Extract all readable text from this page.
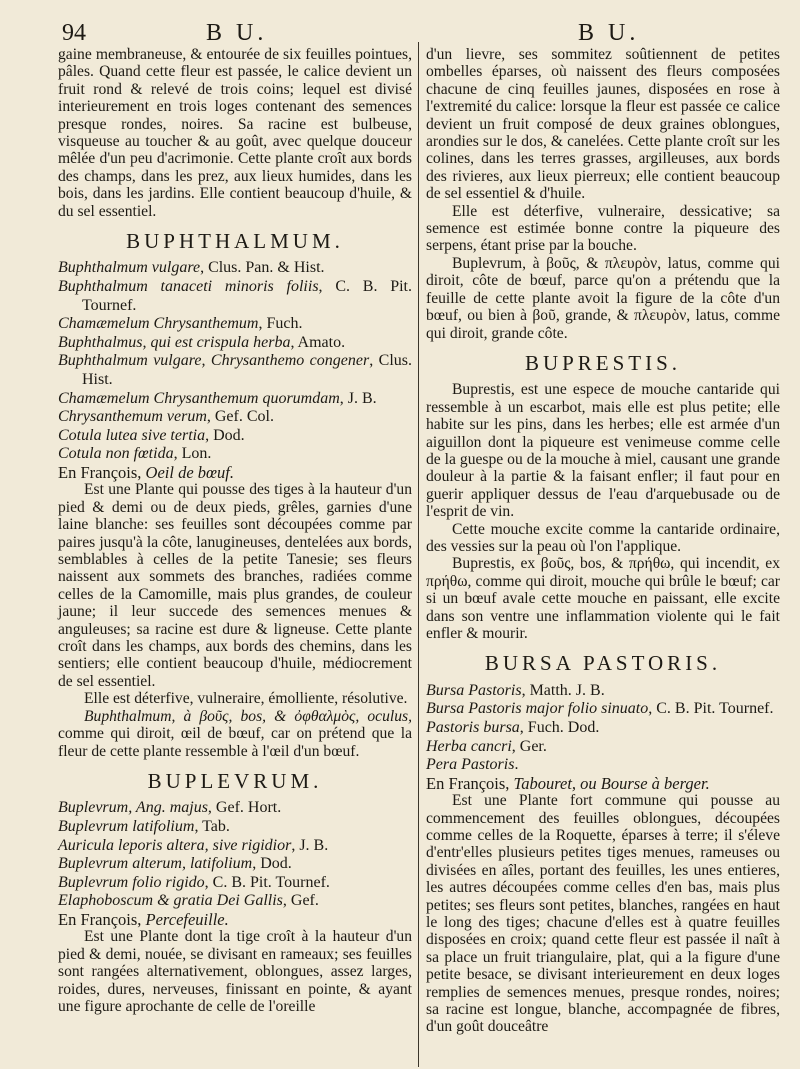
94	B U.	B U.

gaine membraneuse, & entourée de six feuilles pointues, pâles. Quand cette fleur est passée, le calice devient un fruit rond & relevé de trois coins; lequel est divisé interieurement en trois loges contenant des semences presque rondes, noires. Sa racine est bulbeuse, visqueuse au toucher & au goût, avec quelque douceur mêlée d'un peu d'acrimonie. Cette plante croît aux bords des champs, dans les prez, aux lieux humides, dans les bois, dans les jardins. Elle contient beaucoup d'huile, & du sel essentiel.

BUPHTHALMUM.

Buphthalmum vulgare, Clus. Pan. & Hist.

Buphthalmum tanaceti minoris foliis, C. B. Pit. Tournef.

Chamæmelum Chrysanthemum, Fuch.

Buphthalmus, qui est crispula herba, Amato.

Buphthalmum vulgare, Chrysanthemo congener, Clus. Hist.

Chamæmelum Chrysanthemum quorumdam, J. B.

Chrysanthemum verum, Gef. Col.

Cotula lutea sive tertia, Dod.

Cotula non fœtida, Lon.

En François, Oeil de bœuf.

Est une Plante qui pousse des tiges à la hauteur d'un pied & demi ou de deux pieds, grêles, garnies d'une laine blanche: ses feuilles sont découpées comme par paires jusqu'à la côte, lanugineuses, dentelées aux bords, semblables à celles de la petite Tanesie; ses fleurs naissent aux sommets des branches, radiées comme celles de la Camomille, mais plus grandes, de couleur jaune; il leur succede des semences menues & anguleuses; sa racine est dure & ligneuse. Cette plante croît dans les champs, aux bords des chemins, dans les sentiers; elle contient beaucoup d'huile, médiocrement de sel essentiel.

Elle est déterfive, vulneraire, émolliente, résolutive.

Buphthalmum, à βοῦς, bos, & ὀφθαλμὸς, oculus, comme qui diroit, œil de bœuf, car on prétend que la fleur de cette plante ressemble à l'œil d'un bœuf.

BUPLEVRUM.

Buplevrum, Ang. majus, Gef. Hort.

Buplevrum latifolium, Tab.

Auricula leporis altera, sive rigidior, J. B.

Buplevrum alterum, latifolium, Dod.

Buplevrum folio rigido, C. B. Pit. Tournef.

Elaphoboscum & gratia Dei Gallis, Gef.

En François, Percefeuille.

Est une Plante dont la tige croît à la hauteur d'un pied & demi, nouée, se divisant en rameaux; ses feuilles sont rangées alternativement, oblongues, assez larges, roides, dures, nerveuses, finissant en pointe, & ayant une figure aprochante de celle de l'oreille

d'un lievre, ses sommitez soûtiennent de petites ombelles éparses, où naissent des fleurs composées chacune de cinq feuilles jaunes, disposées en rose à l'extremité du calice: lorsque la fleur est passée ce calice devient un fruit composé de deux graines oblongues, arondies sur le dos, & canelées. Cette plante croît sur les colines, dans les terres grasses, argilleuses, aux bords des rivieres, aux lieux pierreux; elle contient beaucoup de sel essentiel & d'huile.

Elle est déterfive, vulneraire, dessicative; sa semence est estimée bonne contre la piqueure des serpens, étant prise par la bouche.

Buplevrum, à βοῦς, & πλευρὸν, latus, comme qui diroit, côte de bœuf, parce qu'on a prétendu que la feuille de cette plante avoit la figure de la côte d'un bœuf, ou bien à βοῦ, grande, & πλευρὸν, latus, comme qui diroit, grande côte.

BUPRESTIS.

Buprestis, est une espece de mouche cantaride qui ressemble à un escarbot, mais elle est plus petite; elle habite sur les pins, dans les herbes; elle est armée d'un aiguillon dont la piqueure est venimeuse comme celle de la guespe ou de la mouche à miel, causant une grande douleur à la partie & la faisant enfler; il faut pour en guerir appliquer dessus de l'eau d'arquebusade ou de l'esprit de vin.

Cette mouche excite comme la cantaride ordinaire, des vessies sur la peau où l'on l'applique.

Buprestis, ex βοῦς, bos, & πρήθω, qui incendit, ex πρήθω, comme qui diroit, mouche qui brûle le bœuf; car si un bœuf avale cette mouche en paissant, elle excite dans son ventre une inflammation violente qui le fait enfler & mourir.

BURSA PASTORIS.

Bursa Pastoris, Matth. J. B.

Bursa Pastoris major folio sinuato, C. B. Pit. Tournef.

Pastoris bursa, Fuch. Dod.

Herba cancri, Ger.

Pera Pastoris.

En François, Tabouret, ou Bourse à berger.

Est une Plante fort commune qui pousse au commencement des feuilles oblongues, découpées comme celles de la Roquette, éparses à terre; il s'éleve d'entr'elles plusieurs petites tiges menues, rameuses ou divisées en aîles, portant des feuilles, les unes entieres, les autres découpées comme celles d'en bas, mais plus petites; ses fleurs sont petites, blanches, rangées en haut le long des tiges; chacune d'elles est à quatre feuilles disposées en croix; quand cette fleur est passée il naît à sa place un fruit triangulaire, plat, qui a la figure d'une petite besace, se divisant interieurement en deux loges remplies de semences menues, presque rondes, noires; sa racine est longue, blanche, accompagnée de fibres, d'un goût douceâtre
